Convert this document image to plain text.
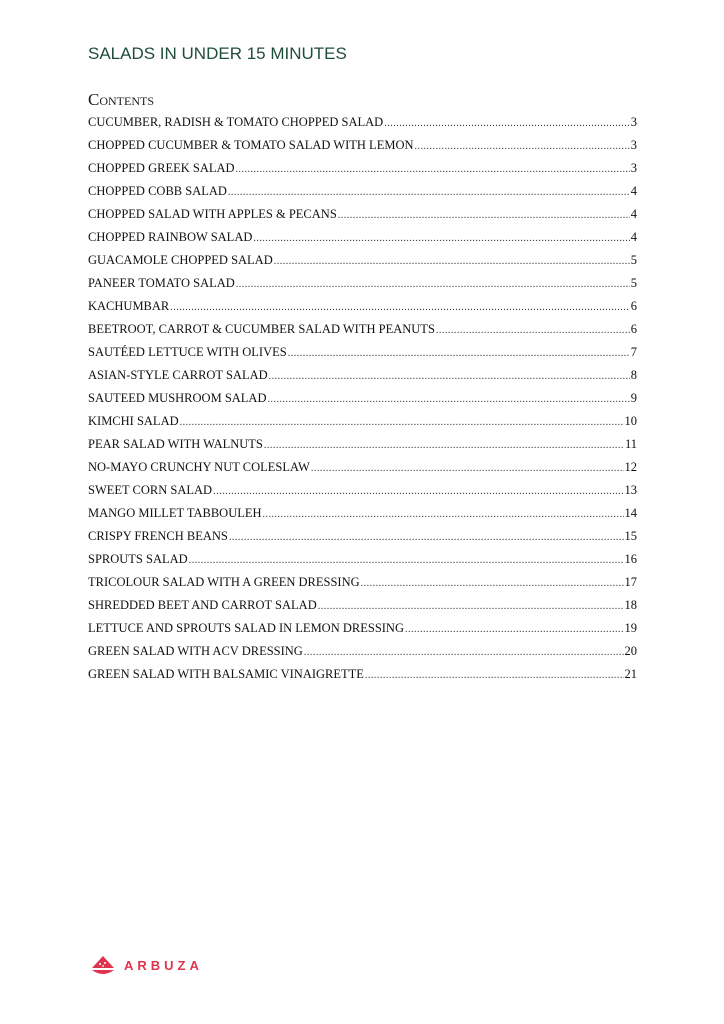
SALADS IN UNDER 15 MINUTES
Contents
CUCUMBER, RADISH & TOMATO CHOPPED SALAD .....	3
CHOPPED CUCUMBER & TOMATO SALAD WITH LEMON .....	3
CHOPPED GREEK SALAD .....	3
CHOPPED COBB SALAD .....	4
CHOPPED SALAD WITH APPLES & PECANS .....	4
CHOPPED RAINBOW SALAD .....	4
GUACAMOLE CHOPPED SALAD .....	5
PANEER TOMATO SALAD .....	5
KACHUMBAR .....	6
BEETROOT, CARROT & CUCUMBER SALAD WITH PEANUTS .....	6
SAUTÉED LETTUCE WITH OLIVES .....	7
ASIAN-STYLE CARROT SALAD .....	8
SAUTEED MUSHROOM SALAD .....	9
KIMCHI SALAD .....	10
PEAR SALAD WITH WALNUTS .....	11
NO-MAYO CRUNCHY NUT COLESLAW .....	12
SWEET CORN SALAD .....	13
MANGO MILLET TABBOULEH .....	14
CRISPY FRENCH BEANS .....	15
SPROUTS SALAD .....	16
TRICOLOUR SALAD WITH A GREEN DRESSING .....	17
SHREDDED BEET AND CARROT SALAD .....	18
LETTUCE AND SPROUTS SALAD IN LEMON DRESSING .....	19
GREEN SALAD WITH ACV DRESSING .....	20
GREEN SALAD WITH BALSAMIC VINAIGRETTE .....	21
ARBUZA
